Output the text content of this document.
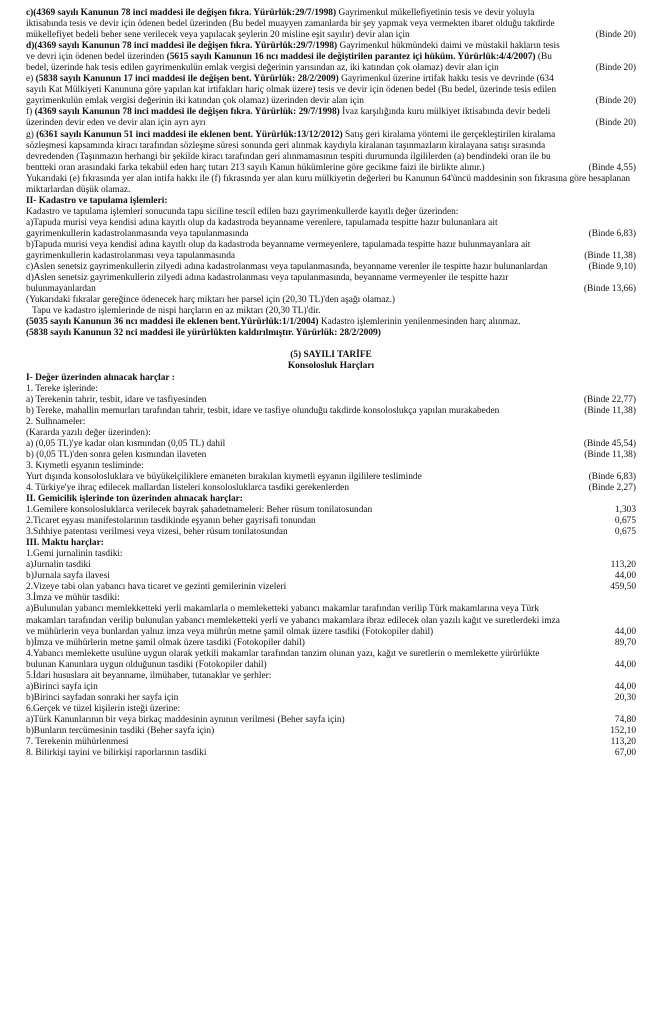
c)(4369 sayılı Kanunun 78 inci maddesi ile değişen fıkra. Yürürlük:29/7/1998) Gayrimenkul mükellefiyetinin tesis ve devir yoluyla iktisabında tesis ve devir için ödenen bedel üzerinden (Bu bedel muayyen zamanlarda bir şey yapmak veya vermekten ibaret olduğu takdirde mükellefiyet bedeli beher sene verilecek veya yapılacak şeylerin 20 misline eşit sayılır) devir alan için	(Binde 20)
d)(4369 sayılı Kanunun 78 inci maddesi ile değişen fıkra. Yürürlük:29/7/1998) Gayrimenkul hükmündeki daimi ve müstakil hakların tesis ve devri için ödenen bedel üzerinden (5615 sayılı Kanunun 16 ncı maddesi ile değiştirilen parantez içi hüküm. Yürürlük:4/4/2007) (Bu bedel, üzerinde hak tesis edilen gayrimenkulün emlak vergisi değerinin yarısından az, iki katından çok olamaz) devir alan için	(Binde 20)
e) (5838 sayılı Kanunun 17 inci maddesi ile değişen bent. Yürürlük: 28/2/2009) Gayrimenkul üzerine irtifak hakkı tesis ve devrinde (634 sayılı Kat Mülkiyeti Kanununa göre yapılan kat irtifakları hariç olmak üzere) tesis ve devir için ödenen bedel (Bu bedel, üzerinde tesis edilen gayrimenkulün emlak vergisi değerinin iki katından çok olamaz) üzerinden devir alan için	(Binde 20)
f) (4369 sayılı Kanunun 78 inci maddesi ile değişen fıkra. Yürürlük: 29/7/1998) İvaz karşılığında kuru mülkiyet iktisabında devir bedeli üzerinden devir eden ve devir alan için ayrı ayrı	(Binde 20)
g) (6361 sayılı Kanunun 51 inci maddesi ile eklenen bent. Yürürlük:13/12/2012) Satış geri kiralama yöntemi ile gerçekleştirilen kiralama sözleşmesi kapsamında kiracı tarafından sözleşme süresi sonunda geri alınmak kaydıyla kiralanan taşınmazların kiralayana satışı sırasında devredenden (Taşınmazın herhangi bir şekilde kiracı tarafından geri alınmamasının tespiti durumunda ilgililerden (a) bendindeki oran ile bu bentteki oran arasındaki farka tekabül eden harç tutarı 213 sayılı Kanun hükümlerine göre gecikme faizi ile birlikte alınır.)	(Binde 4,55)
Yukarıdaki (e) fıkrasında yer alan intifa hakkı ile (f) fıkrasında yer alan kuru mülkiyetin değerleri bu Kanunun 64'üncü maddesinin son fıkrasına göre hesaplanan miktarlardan düşük olamaz.
II- Kadastro ve tapulama işlemleri:
Kadastro ve tapulama işlemleri sonucunda tapu siciline tescil edilen bazı gayrimenkullerde kayıtlı değer üzerinden:
a)Tapuda murisi veya kendisi adına kayıtlı olup da kadastroda beyanname verenlere, tapulamada tespitte hazır bulunanlara ait gayrimenkullerin kadastrolanmasında veya tapulanmasında	(Binde 6,83)
b)Tapuda murisi veya kendisi adına kayıtlı olup da kadastroda beyanname vermeyenlere, tapulamada tespitte hazır bulunmayanlara ait gayrimenkullerin kadastrolanması veya tapulanmasında	(Binde 11,38)
c)Aslen senetsiz gayrimenkullerin zilyedi adına kadastrolanması veya tapulanmasında, beyanname verenler ile tespitte hazır bulunanlardan	(Binde 9,10)
d)Aslen senetsiz gayrimenkullerin zilyedi adına kadastrolanması veya tapulanmasında, beyanname vermeyenler ile tespitte hazır bulunmayanlardan	(Binde 13,66)
(Yukarıdaki fıkralar gereğince ödenecek harç miktarı her parsel için (20,30 TL)'den aşağı olamaz.)
Tapu ve kadastro işlemlerinde de nispi harçların en az miktarı (20,30 TL)'dir.
(5035 sayılı Kanunun 36 ncı maddesi ile eklenen bent.Yürürlük:1/1/2004) Kadastro işlemlerinin yenilenmesinden harç alınmaz.
(5838 sayılı Kanunun 32 nci maddesi ile yürürlükten kaldırılmıştır. Yürürlük: 28/2/2009)
(5) SAYILI TARİFE
Konsolosluk Harçları
I- Değer üzerinden alınacak harçlar :
1. Tereke işlerinde:
a) Terekenin tahrir, tesbit, idare ve tasfiyesinden	(Binde 22,77)
b) Tereke, mahallin memurları tarafından tahrir, tesbit, idare ve tasfiye olunduğu takdirde konsoloslukça yapılan murakabeden	(Binde 11,38)
2. Sulhnameler:
(Kararda yazılı değer üzerinden):
a) (0,05 TL)'ye kadar olan kısmından (0,05 TL) dahil	(Binde 45,54)
b) (0,05 TL)'den sonra gelen kısmından ilaveten	(Binde 11,38)
3. Kıymetli eşyanın tesliminde:
Yurt dışında konsolosluklara ve büyükelçiliklere emaneten bırakılan kıymetli eşyanın ilgililere tesliminde	(Binde 6,83)
4. Türkiye'ye ihraç edilecek mallardan listeleri konsolosluklarca tasdiki gerekenlerden	(Binde 2,27)
II. Gemicilik işlerinde ton üzerinden alınacak harçlar:
1.Gemilere konsolosluklarca verilecek bayrak şahadetnameleri: Beher rüsum tonilatosundan	1,303
2.Ticaret eşyası manifestolarının tasdikinde eşyanın beher gayrisafi tonundan	0,675
3.Sıhhiye patentası verilmesi veya vizesi, beher rüsum tonilatosundan	0,675
III. Maktu harçlar:
1.Gemi jurnalinin tasdiki:
a)Jurnalin tasdiki	113,20
b)Jurnala sayfa ilavesi	44,00
2.Vizeye tabi olan yabancı hava ticaret ve gezinti gemilerinin vizeleri	459,50
3.İmza ve mühür tasdiki:
a)Bulunulan yabancı memlekketteki yerli makamlarla o memleketteki yabancı makamlar tarafından verilip Türk makamlarına veya Türk makamları tarafından verilip bulunulan yabancı memleketteki yerli ve yabancı makamlara ibraz edilecek olan yazılı kağıt ve suretlerdeki imza ve mühürlerin veya bunlardan yalnız imza veya mührün metne şamil olmak üzere tasdiki (Fotokopiler dahil)	44,00
b)İmza ve mühürlerin metne şamil olmak üzere tasdiki (Fotokopiler dahil)	89,70
4.Yabancı memlekette usulüne uygun olarak yetkili makamlar tarafından tanzim olunan yazı, kağıt ve suretlerin o memlekette yürürlükte bulunan Kanunlara uygun olduğunun tasdiki (Fotokopiler dahil)	44,00
5.İdari hususlara ait beyanname, ilmühaber, tutanaklar ve şerhler:
a)Birinci sayfa için	44,00
b)Birinci sayfadan sonraki her sayfa için	20,30
6.Gerçek ve tüzel kişilerin isteği üzerine:
a)Türk Kanunlarının bir veya birkaç maddesinin aynının verilmesi (Beher sayfa için)	74,80
b)Bunların tercümesinin tasdiki (Beher sayfa için)	152,10
7. Terekenin mühürlenmesi	113,20
8. Bilirkişi tayini ve bilirkişi raporlarının tasdiki	67,00
